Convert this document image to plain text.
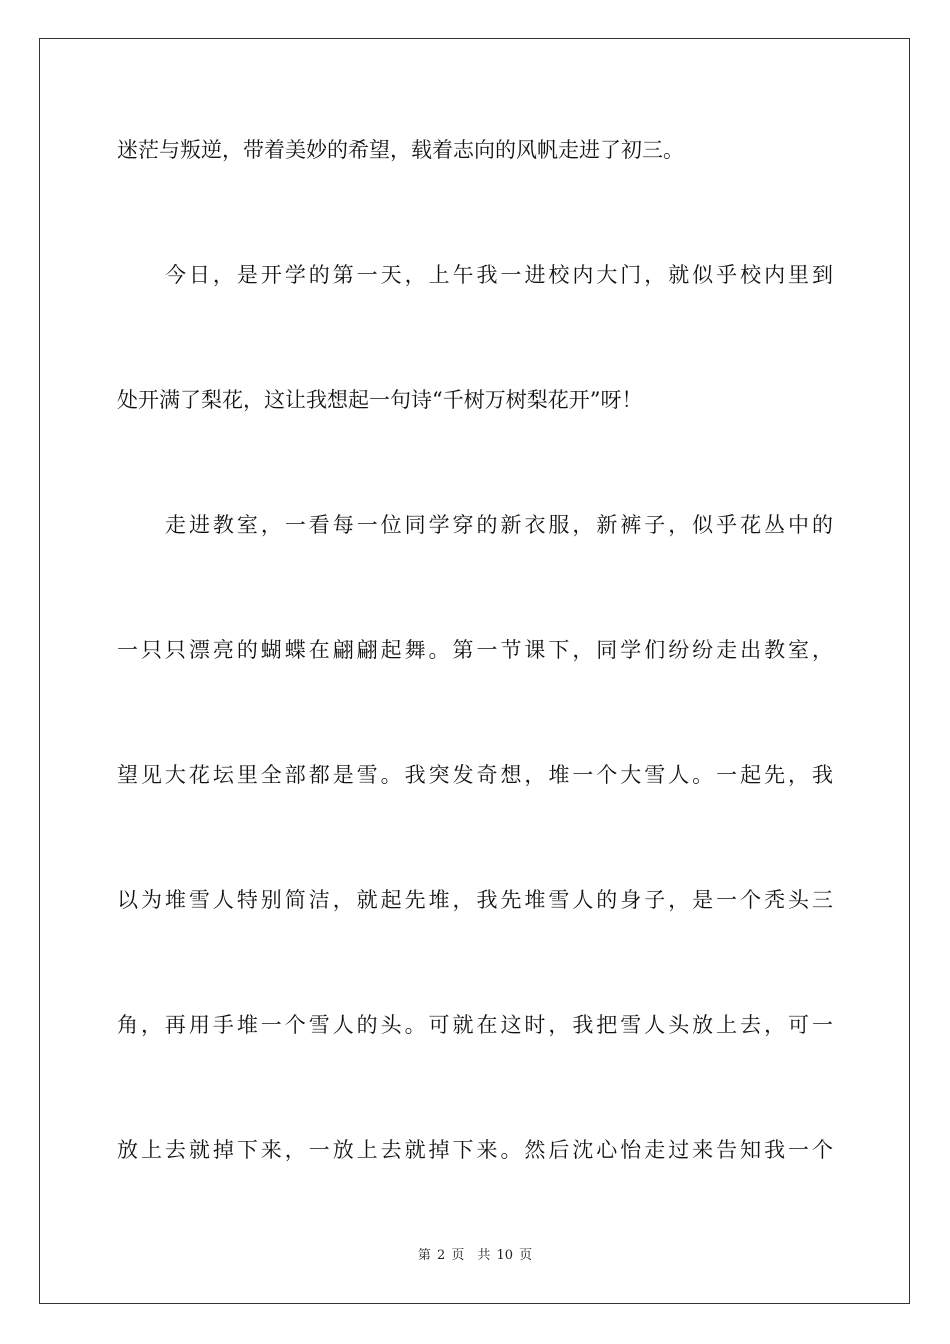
迷茫与叛逆，带着美妙的希望，载着志向的风帆走进了初三。
今日，是开学的第一天，上午我一进校内大门，就似乎校内里到
处开满了梨花，这让我想起一句诗“千树万树梨花开”呀！
走进教室，一看每一位同学穿的新衣服，新裤子，似乎花丛中的
一只只漂亮的蝴蝶在翩翩起舞。第一节课下，同学们纷纷走出教室，
望见大花坛里全部都是雪。我突发奇想，堆一个大雪人。一起先，我
以为堆雪人特别简洁，就起先堆，我先堆雪人的身子，是一个秃头三
角，再用手堆一个雪人的头。可就在这时，我把雪人头放上去，可一
放上去就掉下来，一放上去就掉下来。然后沈心怡走过来告知我一个
第 2 页　共 10 页
